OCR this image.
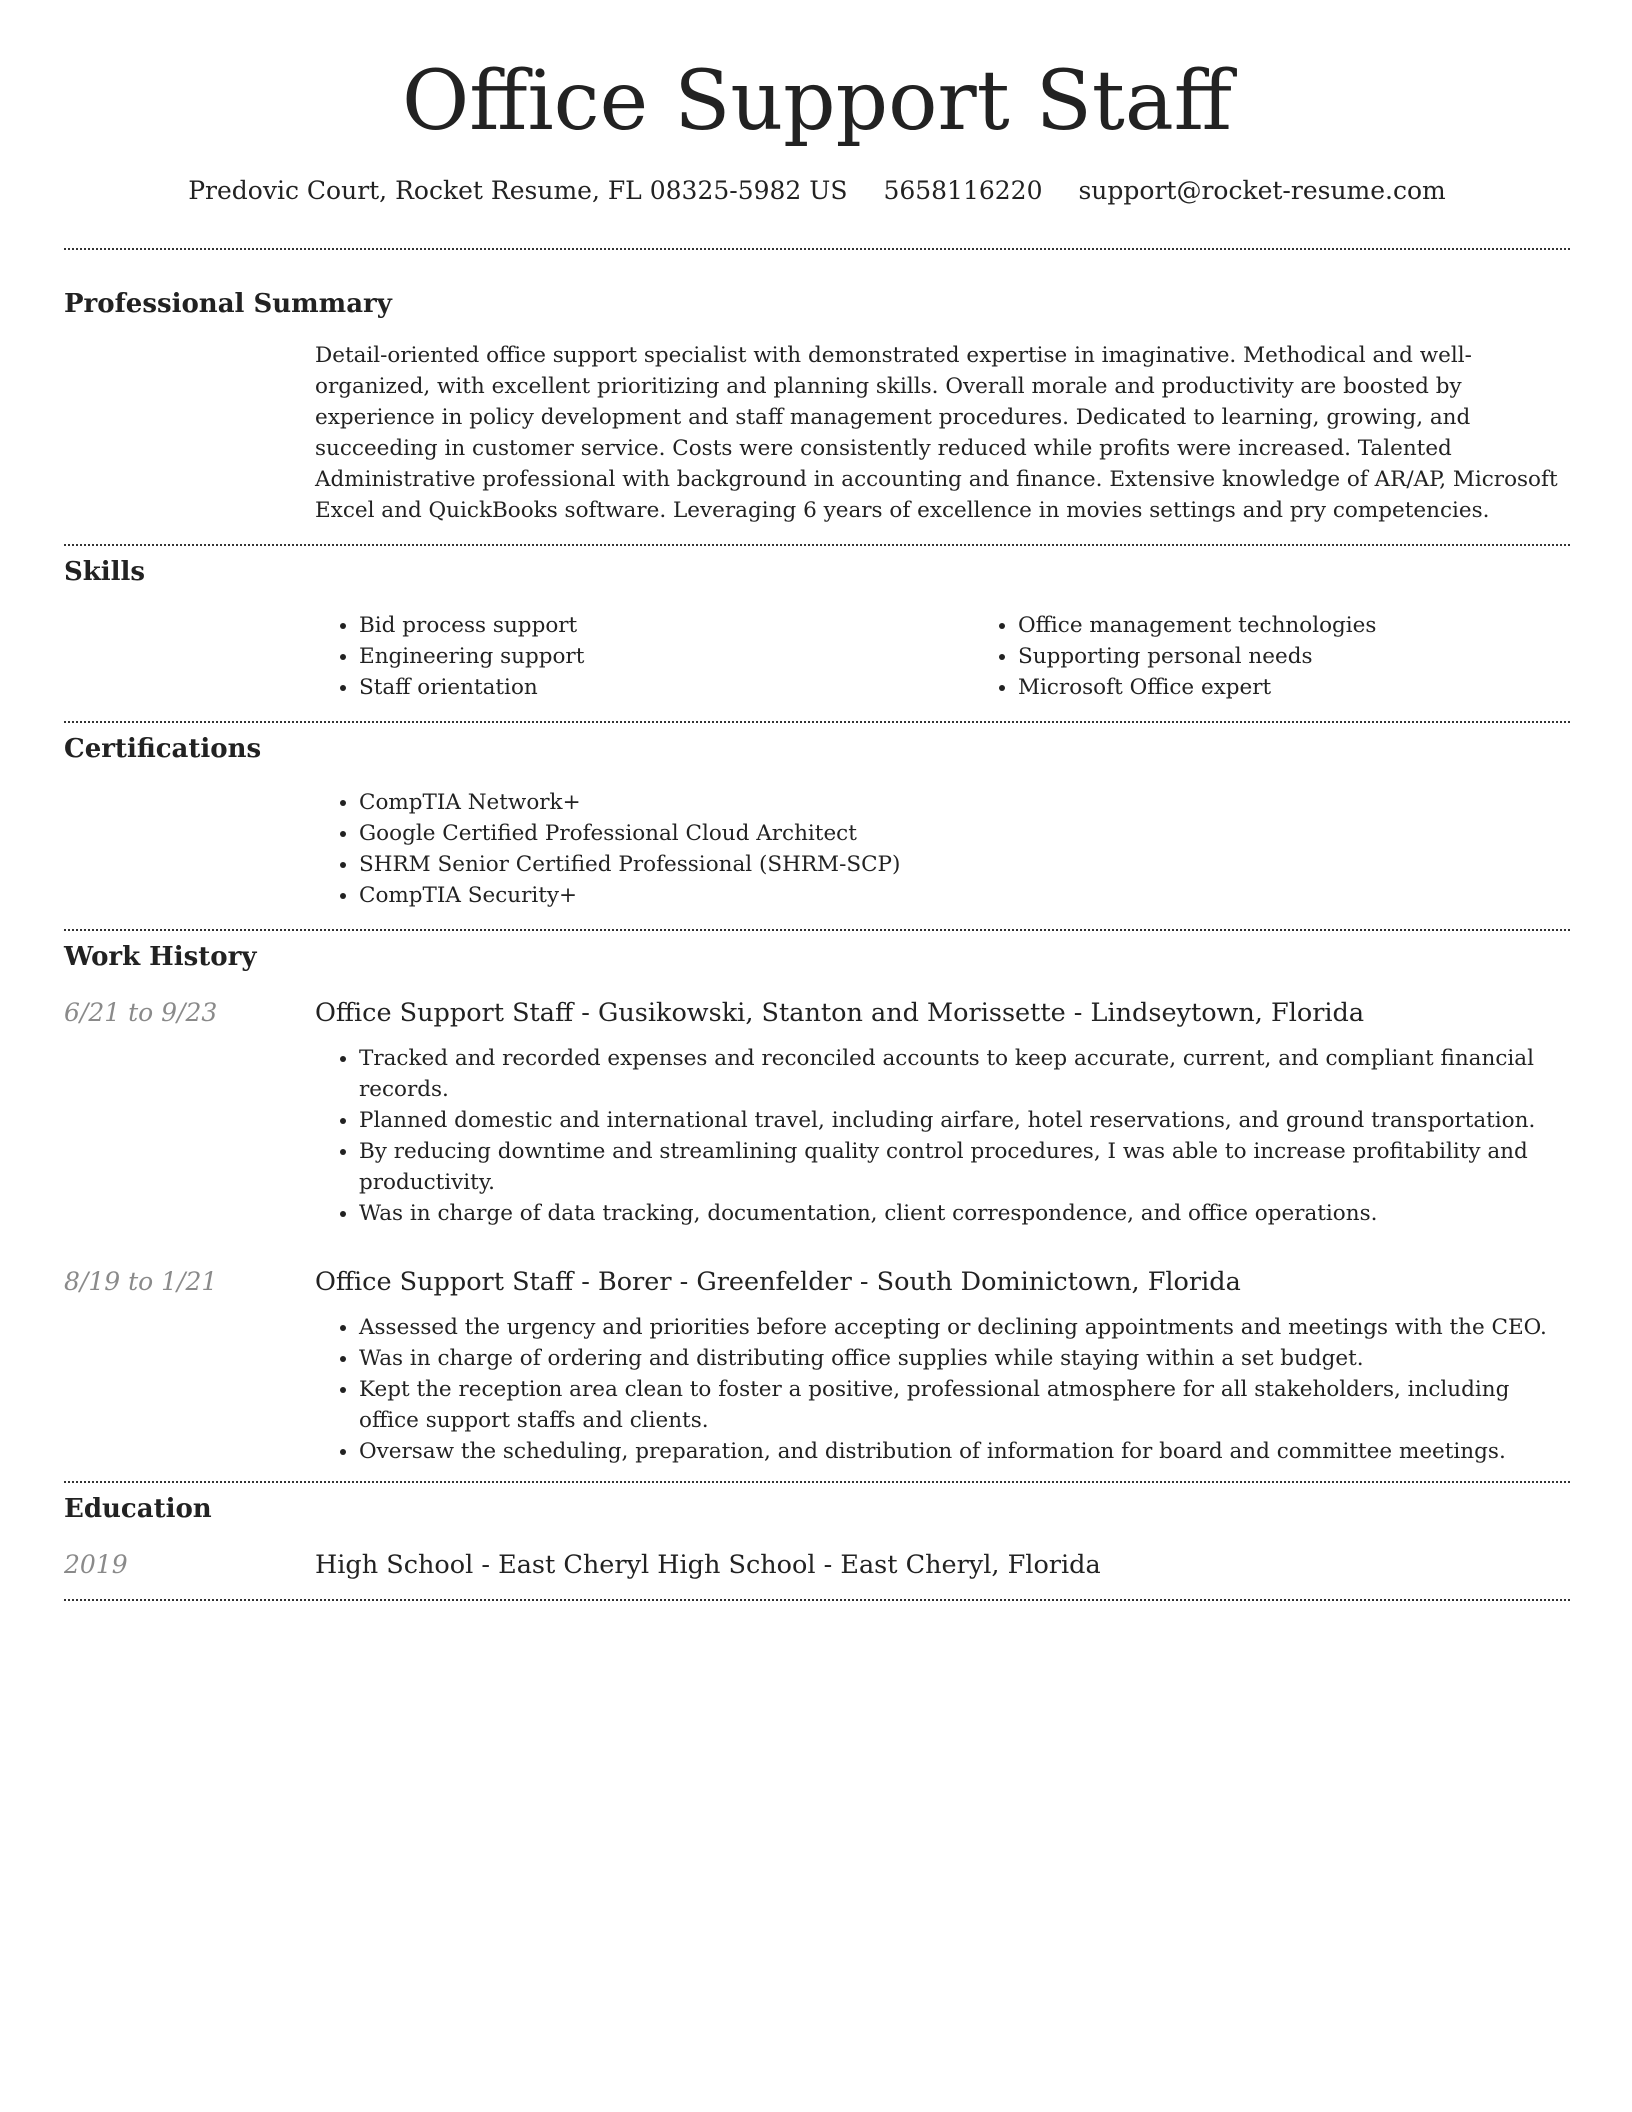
Office Support Staff
Predovic Court, Rocket Resume, FL 08325-5982 US 5658116220 support@rocket-resume.com
Professional Summary
Detail-oriented office support specialist with demonstrated expertise in imaginative. Methodical and well-organized, with excellent prioritizing and planning skills. Overall morale and productivity are boosted by experience in policy development and staff management procedures. Dedicated to learning, growing, and succeeding in customer service. Costs were consistently reduced while profits were increased. Talented Administrative professional with background in accounting and finance. Extensive knowledge of AR/AP, Microsoft Excel and QuickBooks software. Leveraging 6 years of excellence in movies settings and pry competencies.
Skills
• Bid process support
• Engineering support
• Staff orientation
• Office management technologies
• Supporting personal needs
• Microsoft Office expert
Certifications
• CompTIA Network+
• Google Certified Professional Cloud Architect
• SHRM Senior Certified Professional (SHRM-SCP)
• CompTIA Security+
Work History
6/21 to 9/23	Office Support Staff - Gusikowski, Stanton and Morissette - Lindseytown, Florida
• Tracked and recorded expenses and reconciled accounts to keep accurate, current, and compliant financial records.
• Planned domestic and international travel, including airfare, hotel reservations, and ground transportation.
• By reducing downtime and streamlining quality control procedures, I was able to increase profitability and productivity.
• Was in charge of data tracking, documentation, client correspondence, and office operations.
8/19 to 1/21	Office Support Staff - Borer - Greenfelder - South Dominictown, Florida
• Assessed the urgency and priorities before accepting or declining appointments and meetings with the CEO.
• Was in charge of ordering and distributing office supplies while staying within a set budget.
• Kept the reception area clean to foster a positive, professional atmosphere for all stakeholders, including office support staffs and clients.
• Oversaw the scheduling, preparation, and distribution of information for board and committee meetings.
Education
2019	High School - East Cheryl High School - East Cheryl, Florida
